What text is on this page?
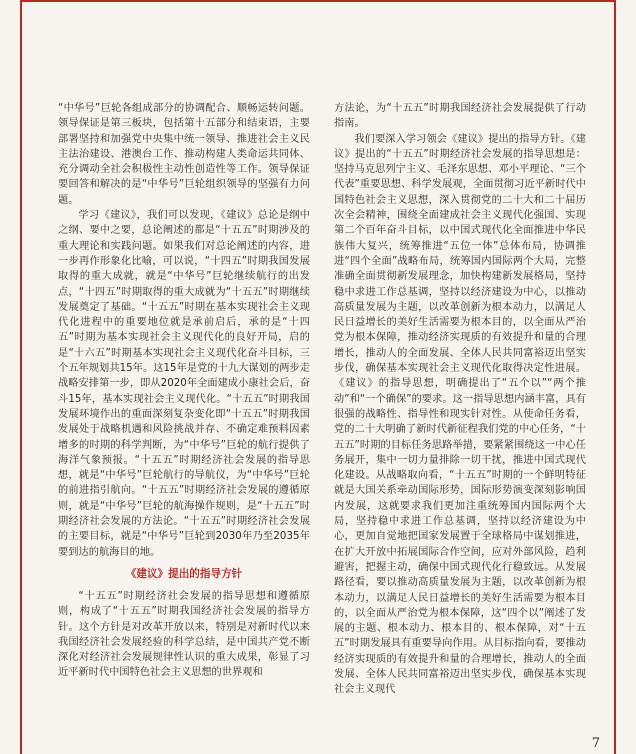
“中华号”巨轮各组成部分的协调配合、顺畅运转问题。领导保证是第三板块，包括第十五部分和结束语，主要部署坚持和加强党中央集中统一领导、推进社会主义民主法治建设、港澳台工作、推动构建人类命运共同体、充分调动全社会积极性主动性创造性等工作。领导保证要回答和解决的是“中华号”巨轮组织领导的坚强有力问题。

学习《建议》，我们可以发现，《建议》总论是纲中之纲、要中之要，总论阐述的都是“十五五”时期涉及的重大理论和实践问题。如果我们对总论阐述的内容，进一步再作形象化比喻，可以说，“十四五”时期我国发展取得的重大成就，就是“中华号”巨轮继续航行的出发点，“十四五”时期取得的重大成就为“十五五”时期继续发展奠定了基础。“十五五”时期在基本实现社会主义现代化进程中的重要地位就是承前启后，承的是“十四五”时期为基本实现社会主义现代化的良好开局，启的是“十六五”时期基本实现社会主义现代化奋斗目标，三个五年规划共15年。这15年是党的十九大谋划的两步走战略安排第一步，即从2020年全面建成小康社会后，奋斗15年，基本实现社会主义现代化。“十五五”时期我国发展环境作出的重面深刻复杂变化即“十五五”时期我国发展处于战略机遇和风险挑战并存、不确定难预料因素增多的时期的科学判断，为“中华号”巨轮的航行提供了海洋气象预报。“十五五”时期经济社会发展的指导思想，就是“中华号”巨轮航行的导航仪，为“中华号”巨轮的前进指引航向。“十五五”时期经济社会发展的遵循原则，就是“中华号”巨轮的航海操作规则，是“十五五”时期经济社会发展的方法论。“十五五”时期经济社会发展的主要目标，就是“中华号”巨轮到2030年乃至2035年要到达的航海目的地。

《建议》提出的指导方针

“十五五”时期经济社会发展的指导思想和遵循原则，构成了“十五五”时期我国经济社会发展的指导方针。这个方针是对改革开放以来，特别是对新时代以来我国经济社会发展经验的科学总结，是中国共产党不断深化对经济社会发展规律性认识的重大成果，彰显了习近平新时代中国特色社会主义思想的世界观和

方法论，为“十五五”时期我国经济社会发展提供了行动指南。

我们要深入学习领会《建议》提出的指导方针。《建议》提出的“十五五”时期经济社会发展的指导思想是：坚持马克思列宁主义、毛泽东思想、邓小平理论、“三个代表”重要思想、科学发展观，全面贯彻习近平新时代中国特色社会主义思想，深入贯彻党的二十大和二十届历次全会精神，围绕全面建成社会主义现代化强国、实现第二个百年奋斗目标，以中国式现代化全面推进中华民族伟大复兴，统筹推进“五位一体”总体布局，协调推进“四个全面”战略布局，统筹国内国际两个大局，完整准确全面贯彻新发展理念，加快构建新发展格局，坚持稳中求进工作总基调，坚持以经济建设为中心，以推动高质量发展为主题，以改革创新为根本动力，以满足人民日益增长的美好生活需要为根本目的，以全面从严治党为根本保障，推动经济实现质的有效提升和量的合理增长，推动人的全面发展、全体人民共同富裕迈出坚实步伐，确保基本实现社会主义现代化取得决定性进展。《建议》的指导思想，明确提出了“五个以”“两个推动”和“一个确保”的要求。这一指导思想内涵丰富，具有很强的战略性、指导性和现实针对性。从使命任务看，党的二十大明确了新时代新征程我们党的中心任务，“十五五”时期的目标任务思路举措，要紧紧围绕这一中心任务展开，集中一切力量排除一切干扰，推进中国式现代化建设。从战略取向看，“十五五”时期的一个鲜明特征就是大国关系牵动国际形势，国际形势演变深刻影响国内发展，这就要求我们更加注重统筹国内国际两个大局，坚持稳中求进工作总基调，坚持以经济建设为中心，更加自觉地把国家发展置于全球格局中谋划推进，在扩大开放中拓展国际合作空间，应对外部风险，趋利避害，把握主动，确保中国式现代化行稳致远。从发展路径看，要以推动高质量发展为主题，以改革创新为根本动力，以满足人民日益增长的美好生活需要为根本目的，以全面从严治党为根本保障，这“四个以”阐述了发展的主题、根本动力、根本目的、根本保障，对“十五五”时期发展具有重要导向作用。从目标指向看，要推动经济实现质的有效提升和量的合理增长，推动人的全面发展、全体人民共同富裕迈出坚实步伐，确保基本实现社会主义现代

7
